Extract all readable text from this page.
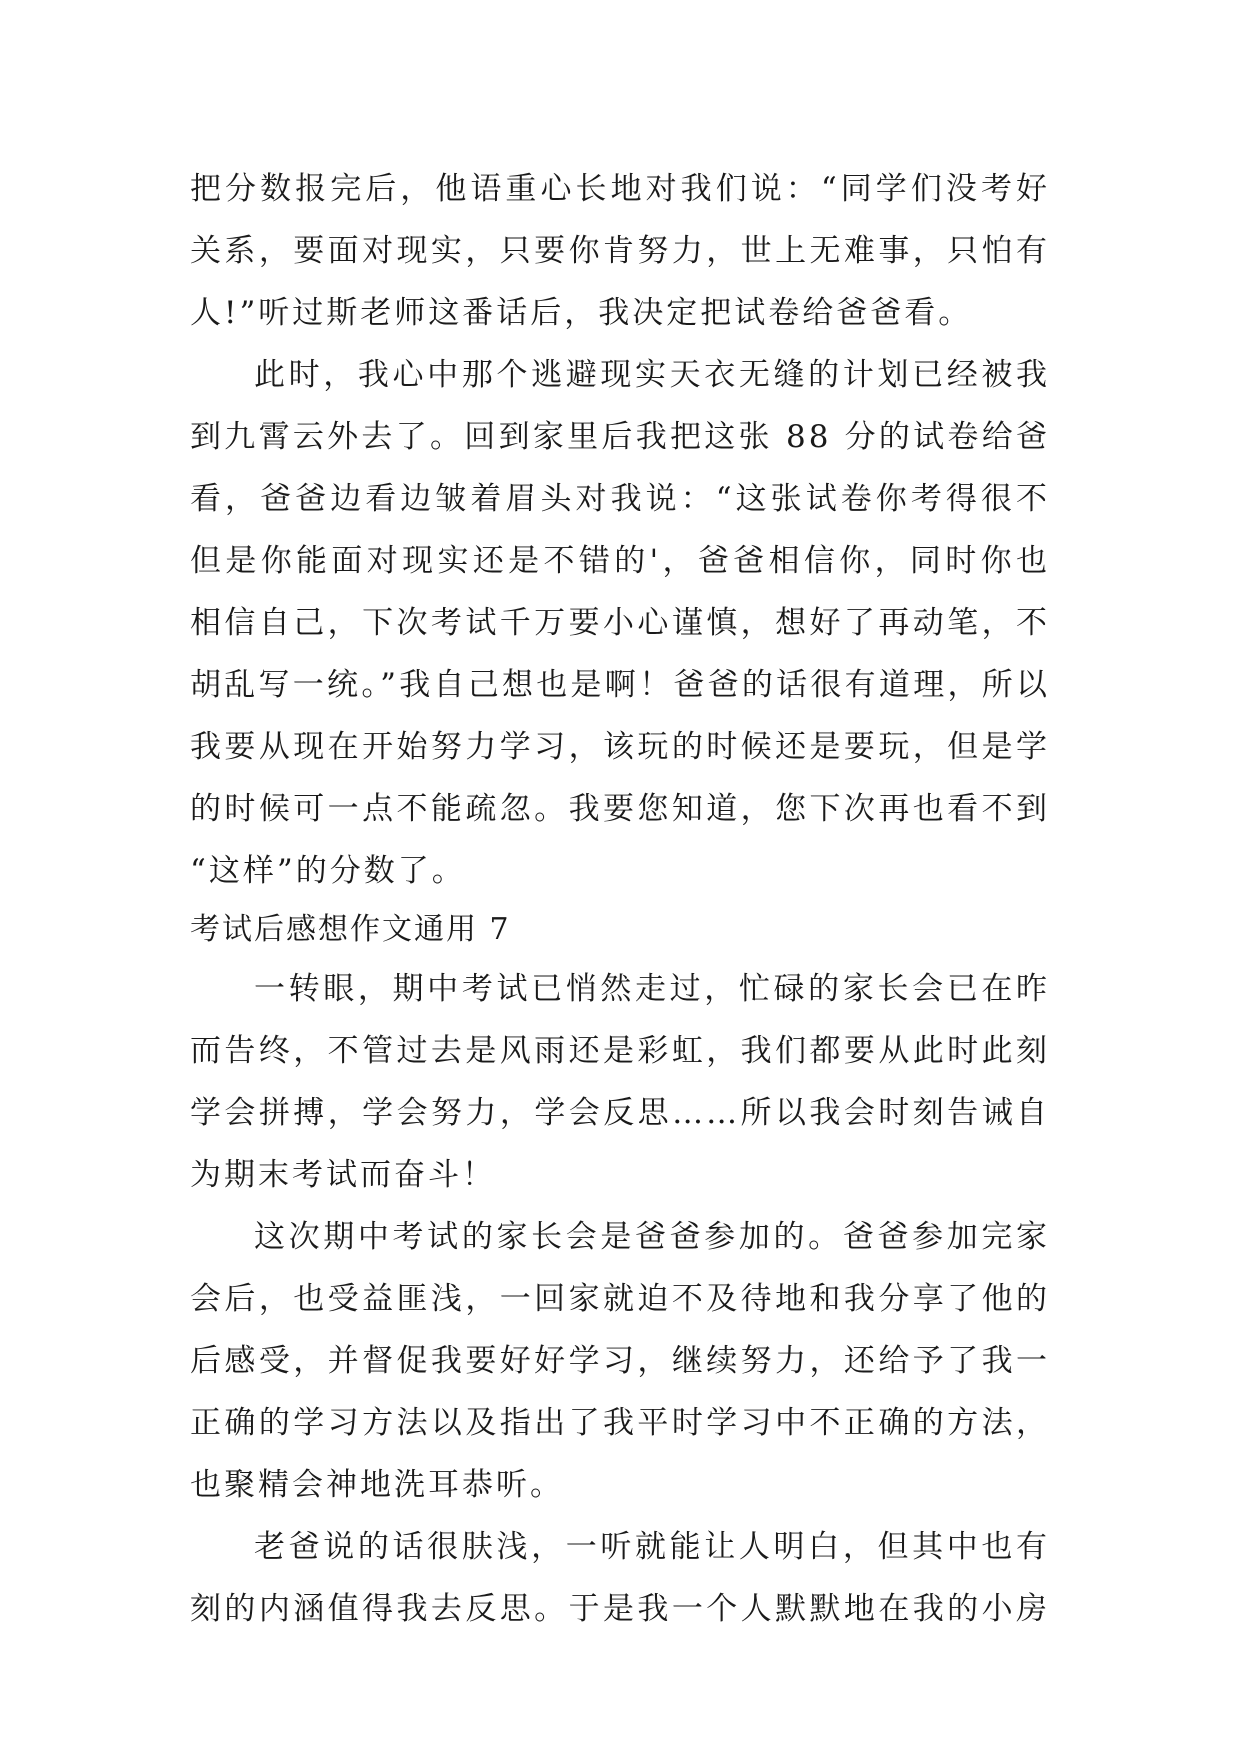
把分数报完后，他语重心长地对我们说：“同学们没考好
关系，要面对现实，只要你肯努力，世上无难事，只怕有
人!”听过斯老师这番话后，我决定把试卷给爸爸看。
此时，我心中那个逃避现实天衣无缝的计划已经被我
到九霄云外去了。回到家里后我把这张 88 分的试卷给爸
看，爸爸边看边皱着眉头对我说：“这张试卷你考得很不
但是你能面对现实还是不错的'，爸爸相信你，同时你也
相信自己，下次考试千万要小心谨慎，想好了再动笔，不
胡乱写一统。”我自己想也是啊！爸爸的话很有道理，所以
我要从现在开始努力学习，该玩的时候还是要玩，但是学
的时候可一点不能疏忽。我要您知道，您下次再也看不到
“这样”的分数了。
考试后感想作文通用 7
一转眼，期中考试已悄然走过，忙碌的家长会已在昨
而告终，不管过去是风雨还是彩虹，我们都要从此时此刻
学会拼搏，学会努力，学会反思……所以我会时刻告诫自
为期末考试而奋斗！
这次期中考试的家长会是爸爸参加的。爸爸参加完家
会后，也受益匪浅，一回家就迫不及待地和我分享了他的
后感受，并督促我要好好学习，继续努力，还给予了我一
正确的学习方法以及指出了我平时学习中不正确的方法，
也聚精会神地洗耳恭听。
老爸说的话很肤浅，一听就能让人明白，但其中也有
刻的内涵值得我去反思。于是我一个人默默地在我的小房
